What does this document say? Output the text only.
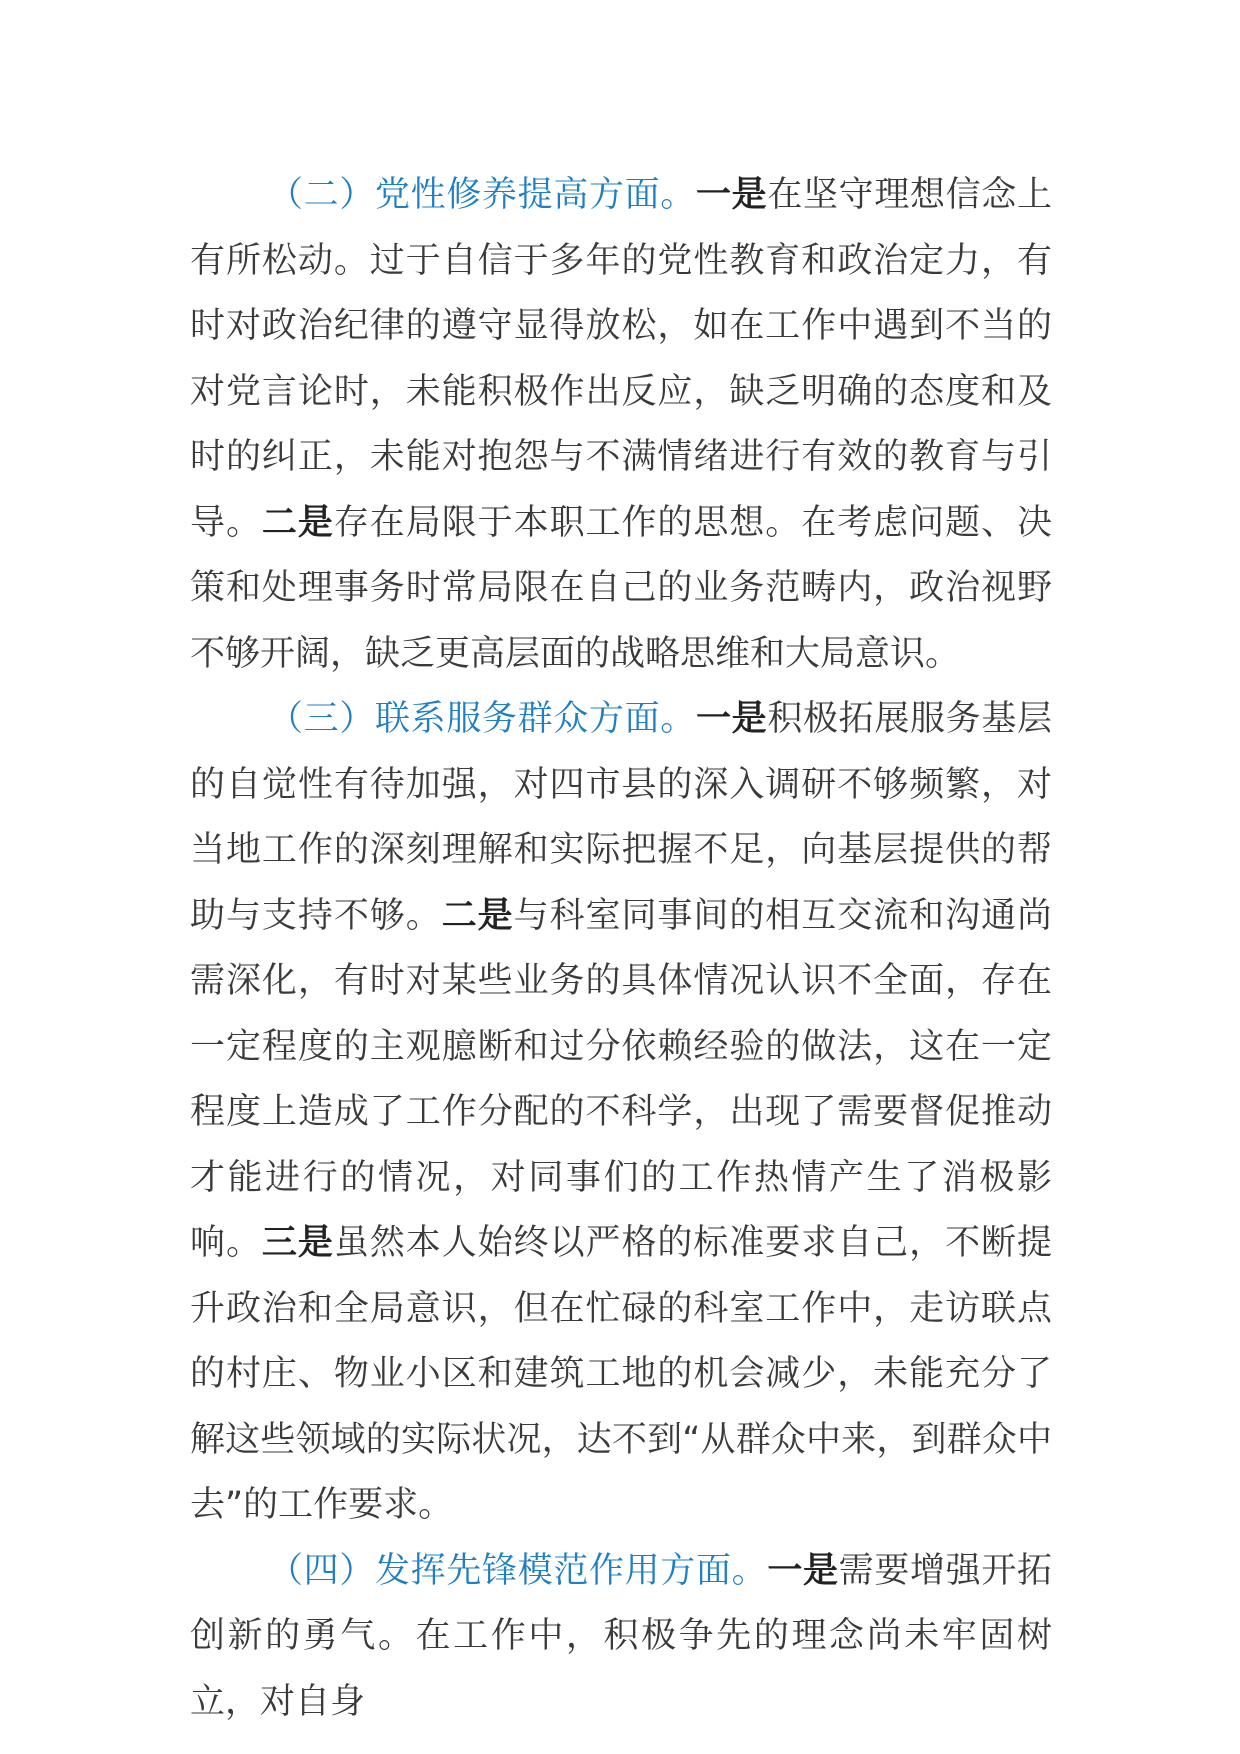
（二）党性修养提高方面。一是在坚守理想信念上有所松动。过于自信于多年的党性教育和政治定力，有时对政治纪律的遵守显得放松，如在工作中遇到不当的对党言论时，未能积极作出反应，缺乏明确的态度和及时的纠正，未能对抱怨与不满情绪进行有效的教育与引导。二是存在局限于本职工作的思想。在考虑问题、决策和处理事务时常局限在自己的业务范畴内，政治视野不够开阔，缺乏更高层面的战略思维和大局意识。

（三）联系服务群众方面。一是积极拓展服务基层的自觉性有待加强，对四市县的深入调研不够频繁，对当地工作的深刻理解和实际把握不足，向基层提供的帮助与支持不够。二是与科室同事间的相互交流和沟通尚需深化，有时对某些业务的具体情况认识不全面，存在一定程度的主观臆断和过分依赖经验的做法，这在一定程度上造成了工作分配的不科学，出现了需要督促推动才能进行的情况，对同事们的工作热情产生了消极影响。三是虽然本人始终以严格的标准要求自己，不断提升政治和全局意识，但在忙碌的科室工作中，走访联点的村庄、物业小区和建筑工地的机会减少，未能充分了解这些领域的实际状况，达不到“从群众中来，到群众中去”的工作要求。

（四）发挥先锋模范作用方面。一是需要增强开拓创新的勇气。在工作中，积极争先的理念尚未牢固树立，对自身
